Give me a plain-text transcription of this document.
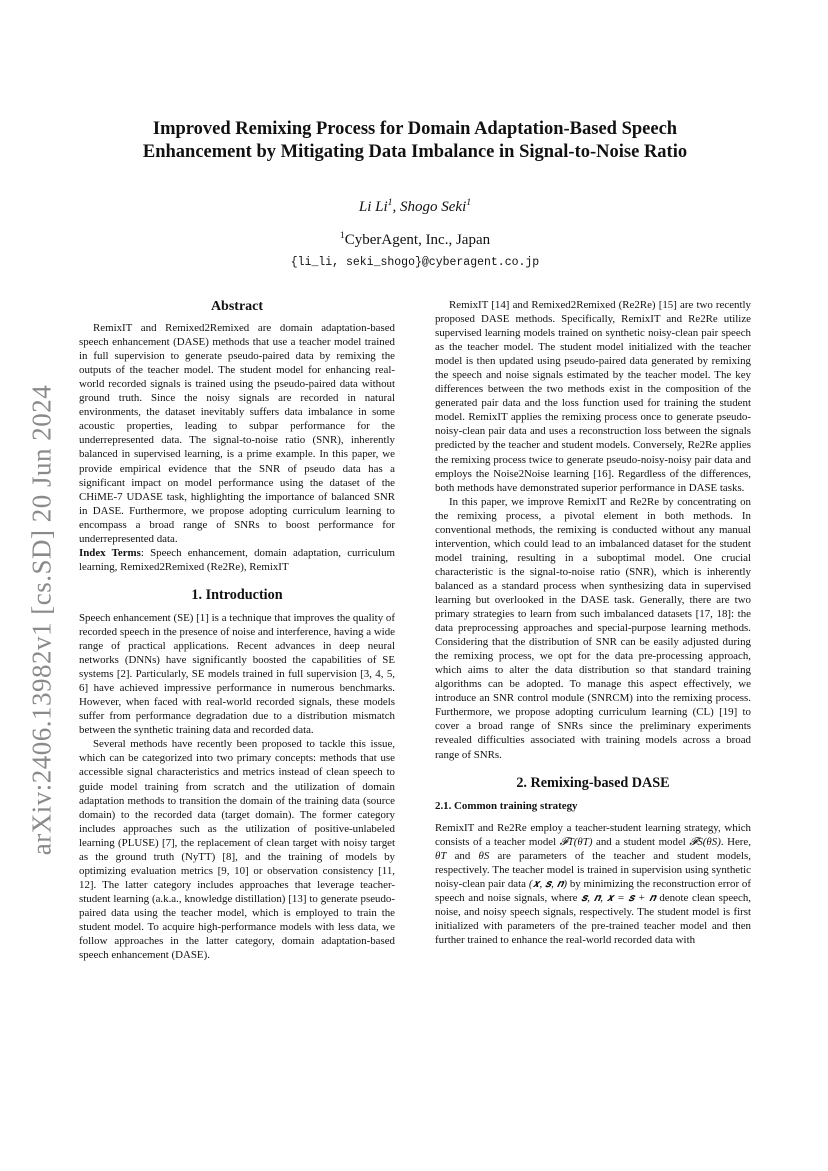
arXiv:2406.13982v1 [cs.SD] 20 Jun 2024
Improved Remixing Process for Domain Adaptation-Based Speech
Enhancement by Mitigating Data Imbalance in Signal-to-Noise Ratio
Li Li$^1$, Shogo Seki$^1$
$^1$CyberAgent, Inc., Japan
{li_li, seki_shogo}@cyberagent.co.jp
Abstract

RemixIT and Remixed2Remixed are domain adaptation-based speech enhancement (DASE) methods that use a teacher model trained in full supervision to generate pseudo-paired data by remixing the outputs of the teacher model. The student model for enhancing real-world recorded signals is trained using the pseudo-paired data without ground truth. Since the noisy signals are recorded in natural environments, the dataset inevitably suffers data imbalance in some acoustic properties, leading to subpar performance for the underrepresented data. The signal-to-noise ratio (SNR), inherently balanced in supervised learning, is a prime example. In this paper, we provide empirical evidence that the SNR of pseudo data has a significant impact on model performance using the dataset of the CHiME-7 UDASE task, highlighting the importance of balanced SNR in DASE. Furthermore, we propose adopting curriculum learning to encompass a broad range of SNRs to boost performance for underrepresented data.

Index Terms: Speech enhancement, domain adaptation, curriculum learning, Remixed2Remixed (Re2Re), RemixIT

1. Introduction

Speech enhancement (SE) [1] is a technique that improves the quality of recorded speech in the presence of noise and interference, having a wide range of practical applications. Recent advances in deep neural networks (DNNs) have significantly boosted the capabilities of SE systems [2]. Particularly, SE models trained in full supervision [3, 4, 5, 6] have achieved impressive performance in numerous benchmarks. However, when faced with real-world recorded signals, these models suffer from performance degradation due to a distribution mismatch between the synthetic training data and recorded data.

Several methods have recently been proposed to tackle this issue, which can be categorized into two primary concepts: methods that use accessible signal characteristics and metrics instead of clean speech to guide model training from scratch and the utilization of domain adaptation methods to transition the domain of the training data (source domain) to the recorded data (target domain). The former category includes approaches such as the utilization of positive-unlabeled learning (PLUSE) [7], the replacement of clean target with noisy target as the ground truth (NyTT) [8], and the training of models by optimizing evaluation metrics [9, 10] or observation consistency [11, 12]. The latter category includes approaches that leverage teacher-student learning (a.k.a., knowledge distillation) [13] to generate pseudo-paired data using the teacher model, which is employed to train the student model. To acquire high-performance models with less data, we follow approaches in the latter category, domain adaptation-based speech enhancement (DASE).

RemixIT [14] and Remixed2Remixed (Re2Re) [15] are two recently proposed DASE methods. Specifically, RemixIT and Re2Re utilize supervised learning models trained on synthetic noisy-clean pair speech as the teacher model. The student model initialized with the teacher model is then updated using pseudo-paired data generated by remixing the speech and noise signals estimated by the teacher model. The key differences between the two methods exist in the composition of the generated pair data and the loss function used for training the student model. RemixIT applies the remixing process once to generate pseudo-noisy-clean pair data and uses a reconstruction loss between the signals predicted by the teacher and student models. Conversely, Re2Re applies the remixing process twice to generate pseudo-noisy-noisy pair data and employs the Noise2Noise learning [16]. Regardless of the differences, both methods have demonstrated superior performance in DASE tasks.

In this paper, we improve RemixIT and Re2Re by concentrating on the remixing process, a pivotal element in both methods. In conventional methods, the remixing is conducted without any manual intervention, which could lead to an imbalanced dataset for the student model training, resulting in a suboptimal model. One crucial characteristic is the signal-to-noise ratio (SNR), which is inherently balanced as a standard process when synthesizing data in supervised learning but overlooked in the DASE task. Generally, there are two primary strategies to learn from such imbalanced datasets [17, 18]: the data preprocessing approaches and special-purpose learning methods. Considering that the distribution of SNR can be easily adjusted during the remixing process, we opt for the data pre-processing approach, which aims to alter the data distribution so that standard training algorithms can be adopted. To manage this aspect effectively, we introduce an SNR control module (SNRCM) into the remixing process. Furthermore, we propose adopting curriculum learning (CL) [19] to cover a broad range of SNRs since the preliminary experiments revealed difficulties associated with training models across a broad range of SNRs.

2. Remixing-based DASE
2.1. Common training strategy

RemixIT and Re2Re employ a teacher-student learning strategy, which consists of a teacher model 𝓕T(θT) and a student model 𝓕S(θS). Here, θT and θS are parameters of the teacher and student models, respectively. The teacher model is trained in supervision using synthetic noisy-clean pair data (𝒙, 𝒔, 𝒏) by minimizing the reconstruction error of speech and noise signals, where 𝒔, 𝒏, 𝒙 = 𝒔 + 𝒏 denote clean speech, noise, and noisy speech signals, respectively. The student model is first initialized with parameters of the pre-trained teacher model and then further trained to enhance the real-world recorded data with
